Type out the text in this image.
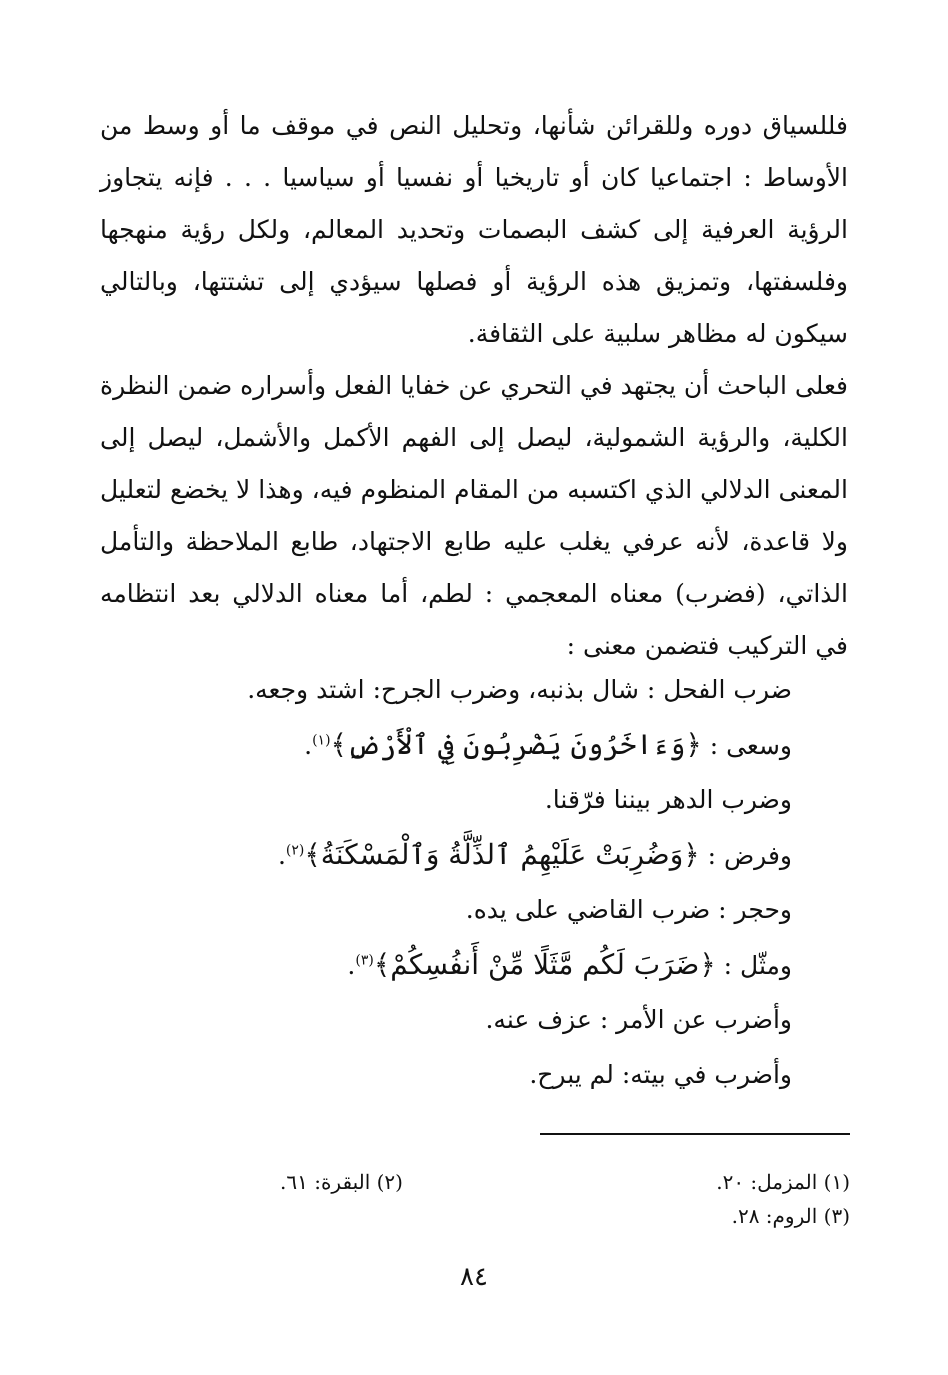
فللسياق دوره وللقرائن شأنها، وتحليل النص في موقف ما أو وسط من الأوساط : اجتماعيا كان أو تاريخيا أو نفسيا أو سياسيا . . . فإنه يتجاوز الرؤية العرفية إلى كشف البصمات وتحديد المعالم، ولكل رؤية منهجها وفلسفتها، وتمزيق هذه الرؤية أو فصلها سيؤدي إلى تشتتها، وبالتالي سيكون له مظاهر سلبية على الثقافة.

فعلى الباحث أن يجتهد في التحري عن خفايا الفعل وأسراره ضمن النظرة الكلية، والرؤية الشمولية، ليصل إلى الفهم الأكمل والأشمل، ليصل إلى المعنى الدلالي الذي اكتسبه من المقام المنظوم فيه، وهذا لا يخضع لتعليل ولا قاعدة، لأنه عرفي يغلب عليه طابع الاجتهاد، طابع الملاحظة والتأمل الذاتي، (فضرب) معناه المعجمي : لطم، أما معناه الدلالي بعد انتظامه في التركيب فتضمن معنى :

ضرب الفحل : شال بذنبه، وضرب الجرح: اشتد وجعه.
وسعى : ﴿وَءَاخَرُونَ يَضْرِبُونَ فِي ٱلْأَرْضِ﴾$^{(١)}$.
وضرب الدهر بيننا فرّقنا.
وفرض : ﴿وَضُرِبَتْ عَلَيْهِمُ ٱلذِّلَّةُ وَٱلْمَسْكَنَةُ﴾$^{(٢)}$.
وحجر : ضرب القاضي على يده.
ومثّل : ﴿ضَرَبَ لَكُم مَّثَلًا مِّنْ أَنفُسِكُمْ﴾$^{(٣)}$.
وأضرب عن الأمر : عزف عنه.
وأضرب في بيته: لم يبرح.
(١) المزمل: ٢٠.
(٢) البقرة: ٦١.
(٣) الروم: ٢٨.
٨٤
